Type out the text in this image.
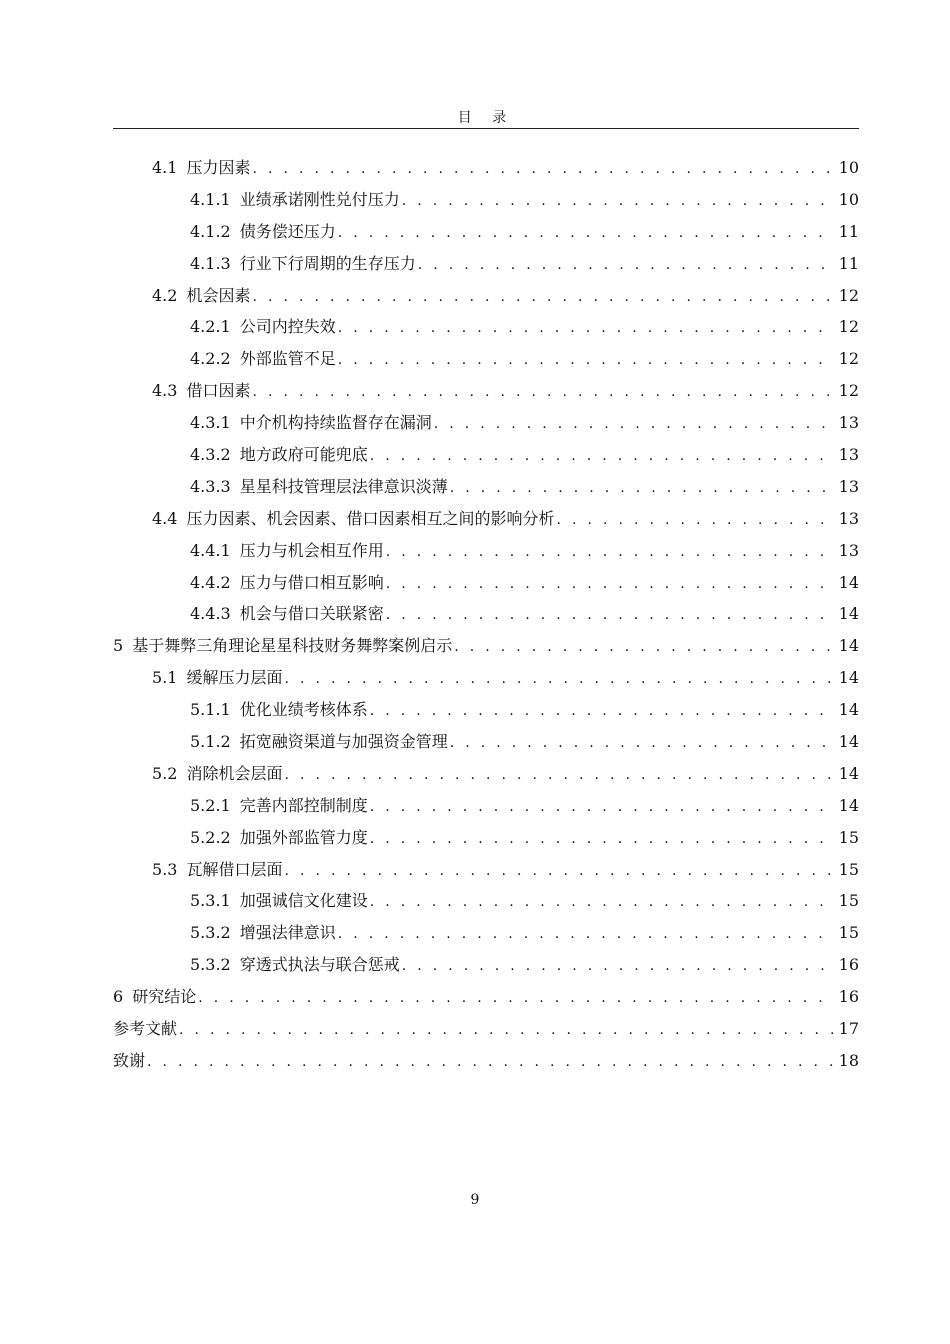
目 录
4.1 压力因素 . . .	10
4.1.1 业绩承诺刚性兑付压力 . . .	10
4.1.2 债务偿还压力 . . .	11
4.1.3 行业下行周期的生存压力 . . .	11
4.2 机会因素 . . .	12
4.2.1 公司内控失效 . . .	12
4.2.2 外部监管不足 . . .	12
4.3 借口因素 . . .	12
4.3.1 中介机构持续监督存在漏洞 . . .	13
4.3.2 地方政府可能兜底 . . .	13
4.3.3 星星科技管理层法律意识淡薄 . . .	13
4.4 压力因素、机会因素、借口因素相互之间的影响分析 . . .	13
4.4.1 压力与机会相互作用 . . .	13
4.4.2 压力与借口相互影响 . . .	14
4.4.3 机会与借口关联紧密 . . .	14
5 基于舞弊三角理论星星科技财务舞弊案例启示 . . .	14
5.1 缓解压力层面 . . .	14
5.1.1 优化业绩考核体系 . . .	14
5.1.2 拓宽融资渠道与加强资金管理 . . .	14
5.2 消除机会层面 . . .	14
5.2.1 完善内部控制制度 . . .	14
5.2.2 加强外部监管力度 . . .	15
5.3 瓦解借口层面 . . .	15
5.3.1 加强诚信文化建设 . . .	15
5.3.2 增强法律意识 . . .	15
5.3.2 穿透式执法与联合惩戒 . . .	16
6 研究结论 . . .	16
参考文献 . . .	17
致谢 . . .	18
9
